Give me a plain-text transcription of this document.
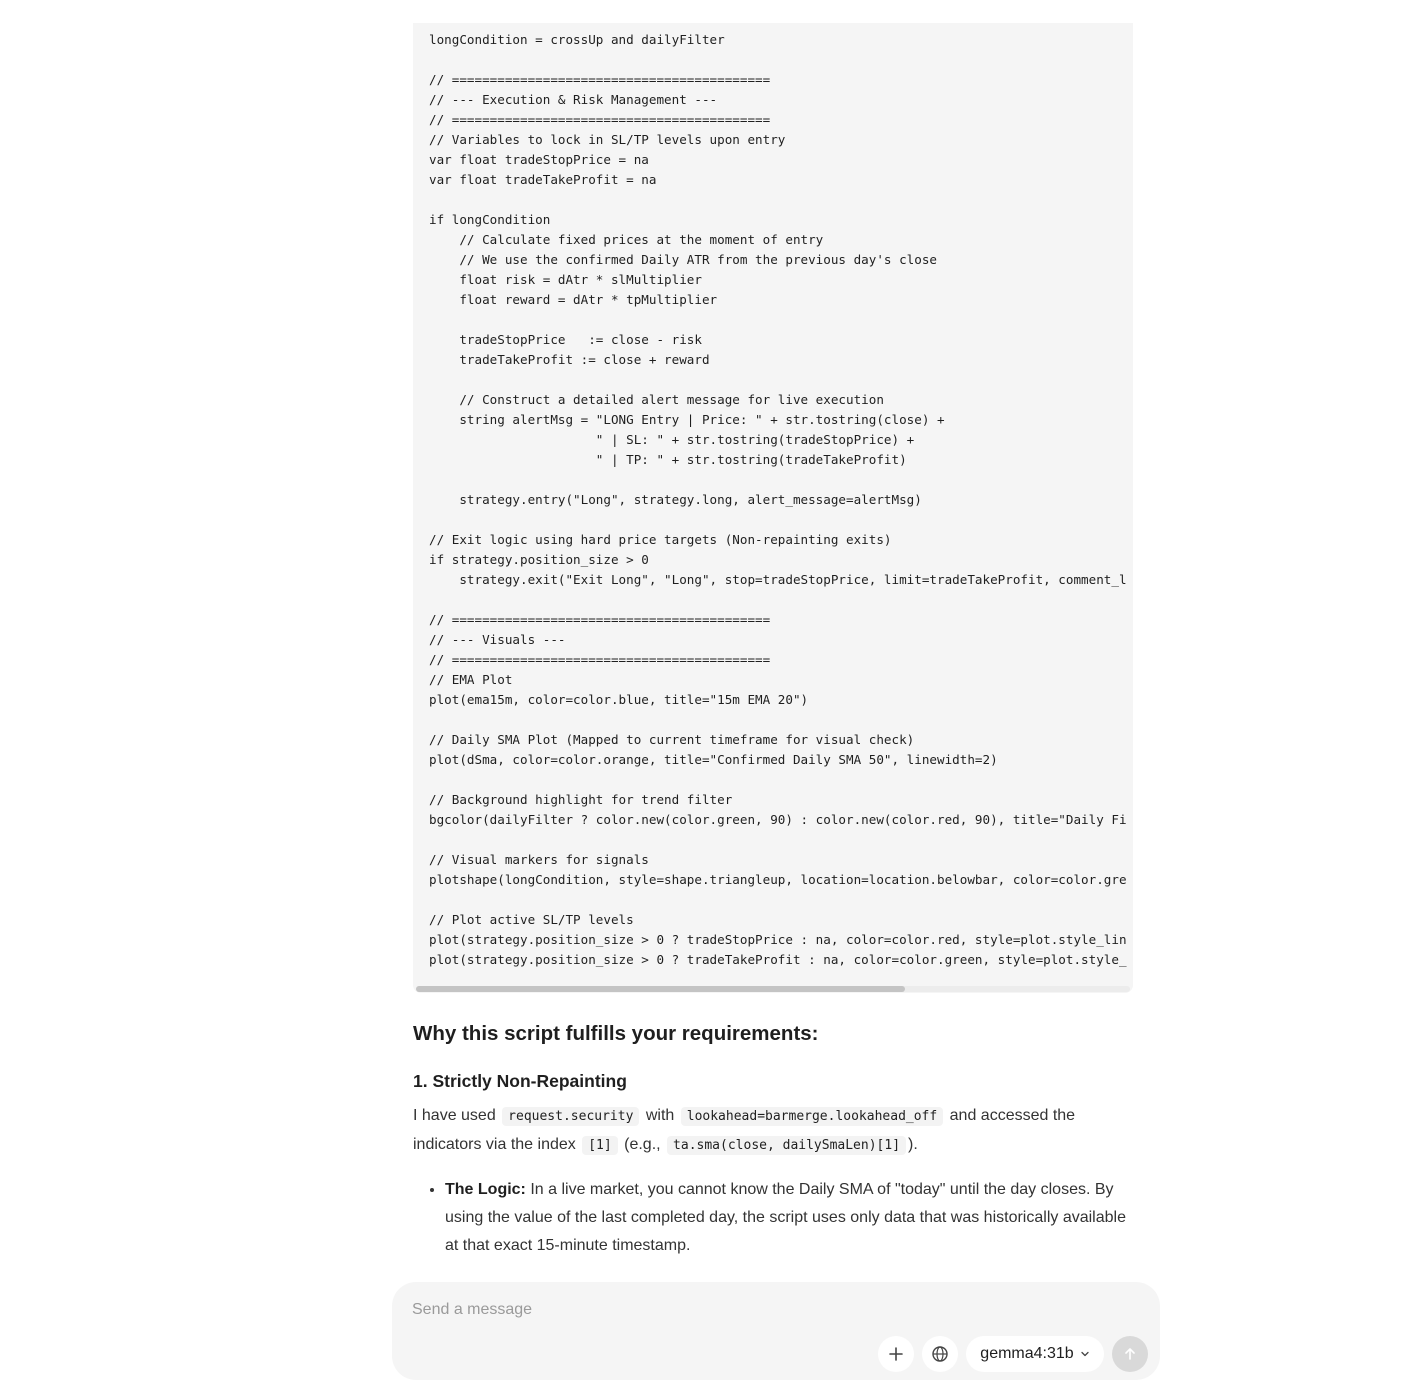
longCondition = crossUp and dailyFilter
// ==========================================
// --- Execution & Risk Management ---
// ==========================================
// Variables to lock in SL/TP levels upon entry
var float tradeStopPrice = na
var float tradeTakeProfit = na
if longCondition
// Calculate fixed prices at the moment of entry
// We use the confirmed Daily ATR from the previous day's close
float risk = dAtr * slMultiplier
float reward = dAtr * tpMultiplier
tradeStopPrice   := close - risk
tradeTakeProfit := close + reward
// Construct a detailed alert message for live execution
string alertMsg = "LONG Entry | Price: " + str.tostring(close) +
" | SL: " + str.tostring(tradeStopPrice) +
" | TP: " + str.tostring(tradeTakeProfit)
strategy.entry("Long", strategy.long, alert_message=alertMsg)
// Exit logic using hard price targets (Non-repainting exits)
if strategy.position_size > 0
strategy.exit("Exit Long", "Long", stop=tradeStopPrice, limit=tradeTakeProfit, comment_l
// ==========================================
// --- Visuals ---
// ==========================================
// EMA Plot
plot(ema15m, color=color.blue, title="15m EMA 20")
// Daily SMA Plot (Mapped to current timeframe for visual check)
plot(dSma, color=color.orange, title="Confirmed Daily SMA 50", linewidth=2)
// Background highlight for trend filter
bgcolor(dailyFilter ? color.new(color.green, 90) : color.new(color.red, 90), title="Daily Fi
// Visual markers for signals
plotshape(longCondition, style=shape.triangleup, location=location.belowbar, color=color.gre
// Plot active SL/TP levels
plot(strategy.position_size > 0 ? tradeStopPrice : na, color=color.red, style=plot.style_lin
plot(strategy.position_size > 0 ? tradeTakeProfit : na, color=color.green, style=plot.style_
Why this script fulfills your requirements:
1. Strictly Non-Repainting

I have used request.security with lookahead=barmerge.lookahead_off and accessed the indicators via the index [1] (e.g., ta.sma(close, dailySmaLen)[1] ).

• The Logic: In a live market, you cannot know the Daily SMA of "today" until the day closes. By using the value of the last completed day, the script uses only data that was historically available at that exact 15-minute timestamp.
Send a message
gemma4:31b
